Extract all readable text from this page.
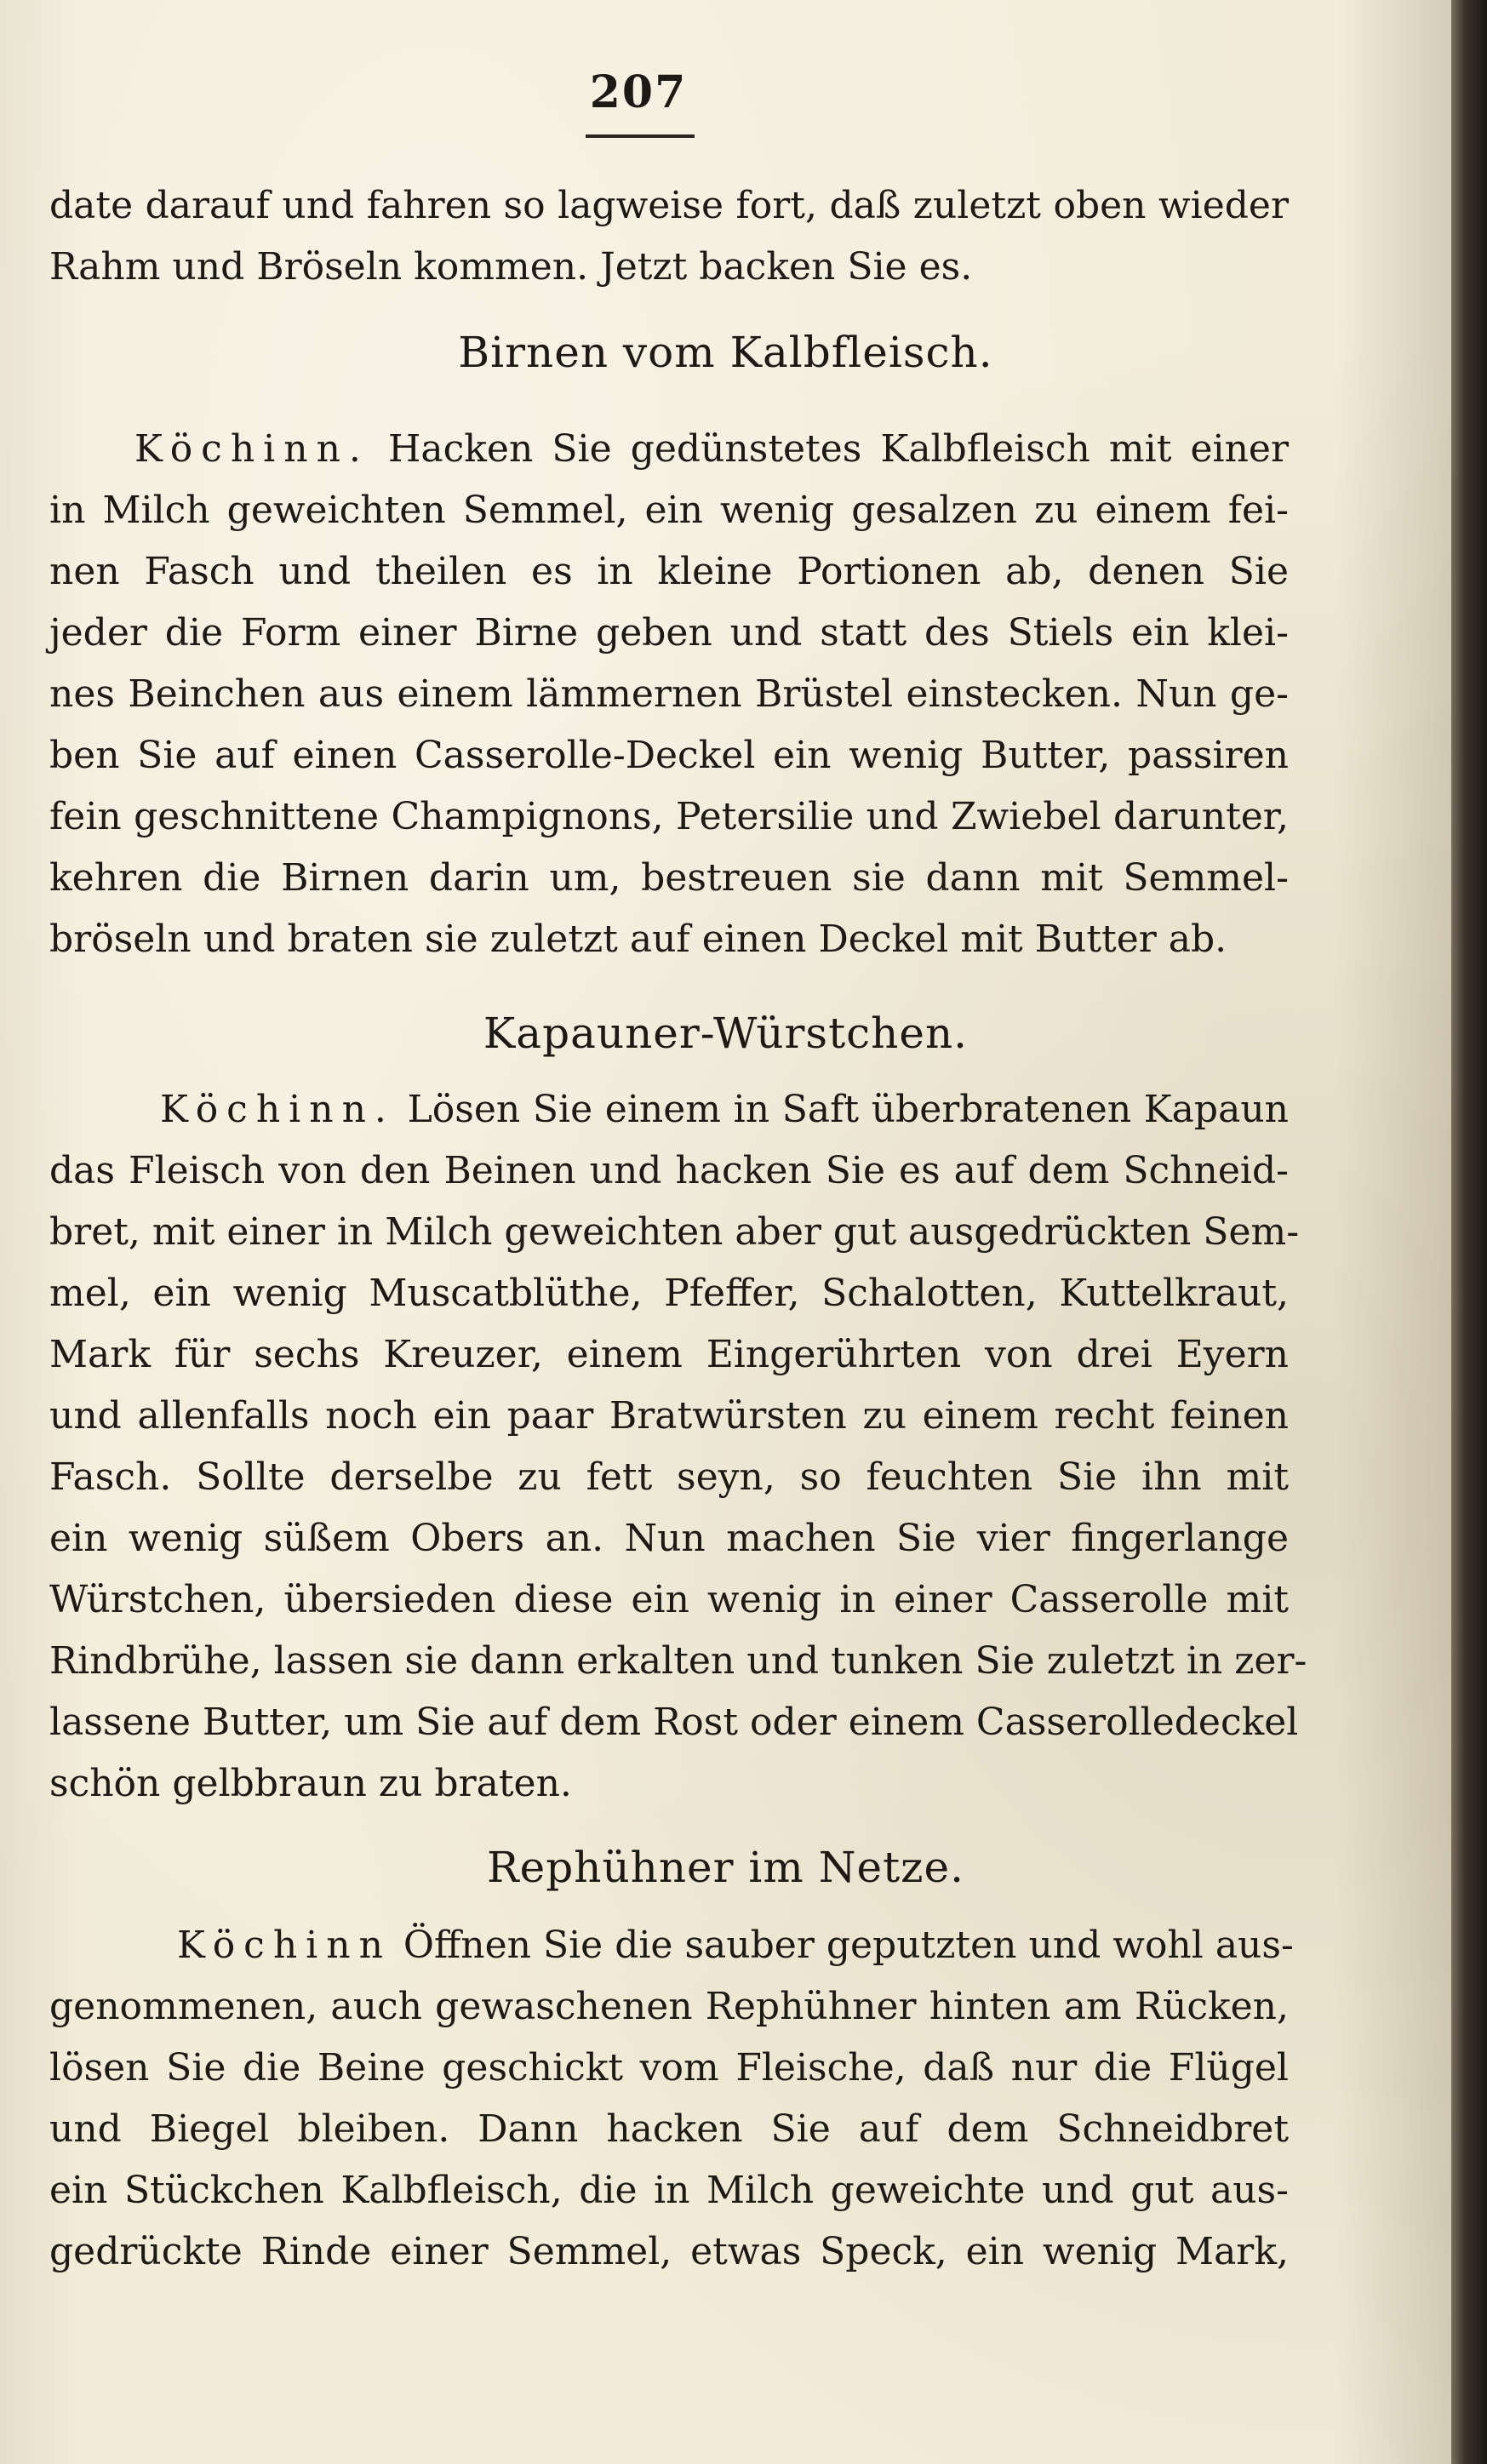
207
date darauf und fahren so lagweise fort, daß zuletzt oben wieder
Rahm und Bröseln kommen. Jetzt backen Sie es.
Birnen vom Kalbfleisch.
Köchinn. Hacken Sie gedünstetes Kalbfleisch mit einer
in Milch geweichten Semmel, ein wenig gesalzen zu einem fei-
nen Fasch und theilen es in kleine Portionen ab, denen Sie
jeder die Form einer Birne geben und statt des Stiels ein klei-
nes Beinchen aus einem lämmernen Brüstel einstecken. Nun ge-
ben Sie auf einen Casserolle-Deckel ein wenig Butter, passiren
fein geschnittene Champignons, Petersilie und Zwiebel darunter,
kehren die Birnen darin um, bestreuen sie dann mit Semmel-
bröseln und braten sie zuletzt auf einen Deckel mit Butter ab.
Kapauner-Würstchen.
Köchinn. Lösen Sie einem in Saft überbratenen Kapaun
das Fleisch von den Beinen und hacken Sie es auf dem Schneid-
bret, mit einer in Milch geweichten aber gut ausgedrückten Sem-
mel, ein wenig Muscatblüthe, Pfeffer, Schalotten, Kuttelkraut,
Mark für sechs Kreuzer, einem Eingerührten von drei Eyern
und allenfalls noch ein paar Bratwürsten zu einem recht feinen
Fasch. Sollte derselbe zu fett seyn, so feuchten Sie ihn mit
ein wenig süßem Obers an. Nun machen Sie vier fingerlange
Würstchen, übersieden diese ein wenig in einer Casserolle mit
Rindbrühe, lassen sie dann erkalten und tunken Sie zuletzt in zer-
lassene Butter, um Sie auf dem Rost oder einem Casserolledeckel
schön gelbbraun zu braten.
Rephühner im Netze.
Köchinn Öffnen Sie die sauber geputzten und wohl aus-
genommenen, auch gewaschenen Rephühner hinten am Rücken,
lösen Sie die Beine geschickt vom Fleische, daß nur die Flügel
und Biegel bleiben. Dann hacken Sie auf dem Schneidbret
ein Stückchen Kalbfleisch, die in Milch geweichte und gut aus-
gedrückte Rinde einer Semmel, etwas Speck, ein wenig Mark,
